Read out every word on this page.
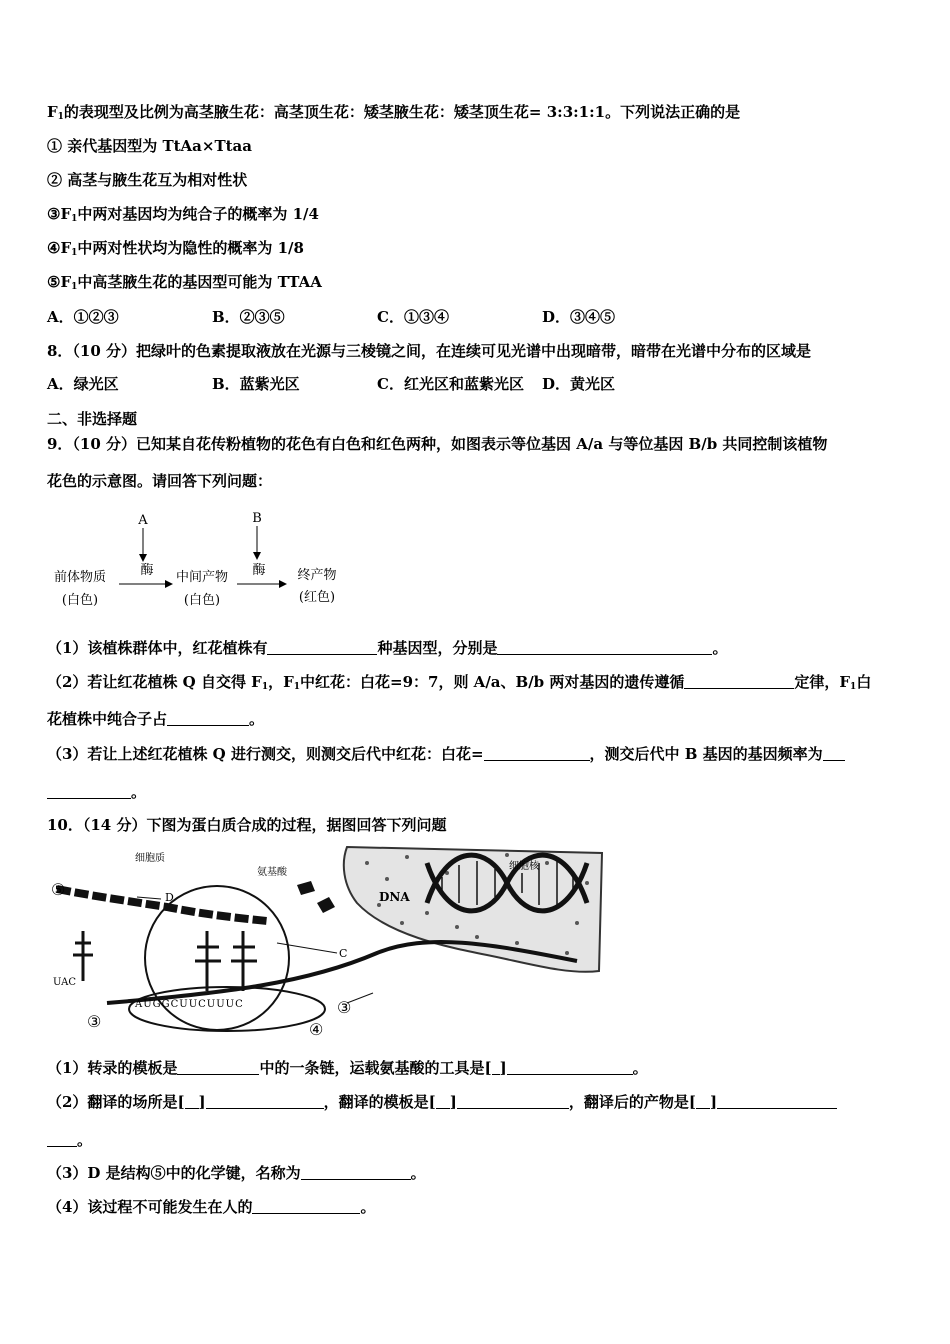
$F_1$的表现型及比例为高茎腋生花：高茎顶生花：矮茎腋生花：矮茎顶生花= 3:3:1:1。下列说法正确的是
① 亲代基因型为 TtAa×Ttaa
② 高茎与腋生花互为相对性状
$③F_1$中两对基因均为纯合子的概率为 1/4
$④F_1$中两对性状均为隐性的概率为 1/8
$⑤F_1$中高茎腋生花的基因型可能为 TTAA
A．①②③	B．②③⑤	C．①③④	D．③④⑤
8．（10 分）把绿叶的色素提取液放在光源与三棱镜之间，在连续可见光谱中出现暗带，暗带在光谱中分布的区域是
A．绿光区	B．蓝紫光区	C．红光区和蓝紫光区 D．黄光区
二、非选择题
9．（10 分）已知某自花传粉植物的花色有白色和红色两种，如图表示等位基因 A/a 与等位基因 B/b 共同控制该植物
花色的示意图。请回答下列问题：
A	B
酶	酶
前体物质
(白色)
中间产物
(白色)
终产物
(红色)
（1）该植株群体中，红花植株有	种基因型，分别是	。
（2）若让红花植株 Q 自交得 $F_1$，$F_1$中红花：白花=9：7，则 A/a、B/b 两对基因的遗传遵循	定律，$F_1$白
花植株中纯合子占	。
（3）若让上述红花植株 Q 进行测交，则测交后代中红花：白花=	，测交后代中 B 基因的基因频率为
。
10．（14 分）下图为蛋白质合成的过程，据图回答下列问题
DNA
细胞核
细胞质
氨基酸
C
D
⑤
UAC
AUGGCUUCUUUC
③
③
④
（1）转录的模板是	中的一条链，运载氨基酸的工具是[ ]	。
（2）翻译的场所是[ ]	，翻译的模板是[ ]	，翻译后的产物是[ ]
。
（3）D 是结构⑤中的化学键，名称为	。
（4）该过程不可能发生在人的	。
